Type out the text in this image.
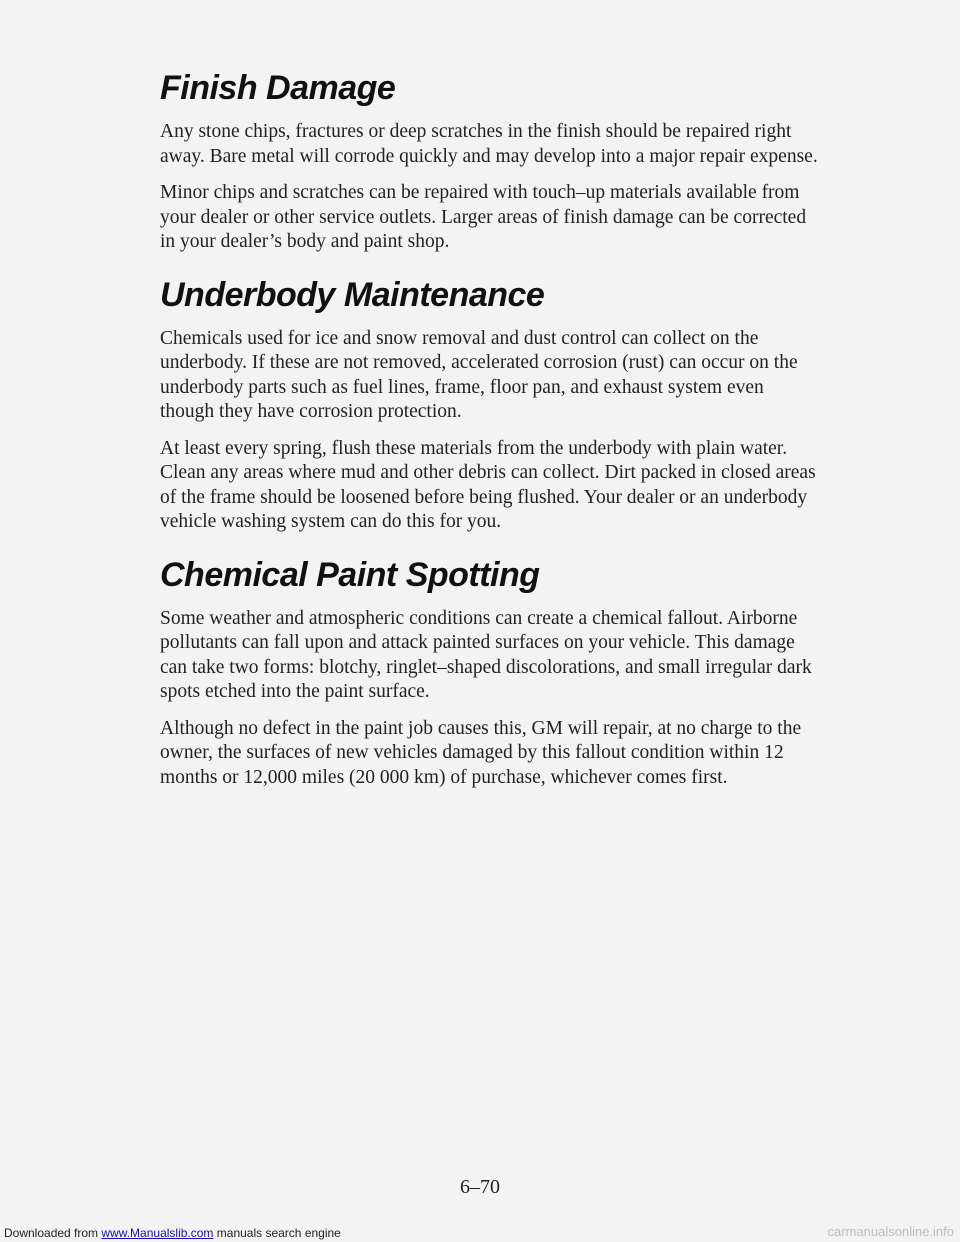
Finish Damage

Any stone chips, fractures or deep scratches in the finish should be repaired right away. Bare metal will corrode quickly and may develop into a major repair expense.

Minor chips and scratches can be repaired with touch–up materials available from your dealer or other service outlets. Larger areas of finish damage can be corrected in your dealer’s body and paint shop.

Underbody Maintenance

Chemicals used for ice and snow removal and dust control can collect on the underbody. If these are not removed, accelerated corrosion (rust) can occur on the underbody parts such as fuel lines, frame, floor pan, and exhaust system even though they have corrosion protection.

At least every spring, flush these materials from the underbody with plain water. Clean any areas where mud and other debris can collect. Dirt packed in closed areas of the frame should be loosened before being flushed. Your dealer or an underbody vehicle washing system can do this for you.

Chemical Paint Spotting

Some weather and atmospheric conditions can create a chemical fallout. Airborne pollutants can fall upon and attack painted surfaces on your vehicle. This damage can take two forms: blotchy, ringlet–shaped discolorations, and small irregular dark spots etched into the paint surface.

Although no defect in the paint job causes this, GM will repair, at no charge to the owner, the surfaces of new vehicles damaged by this fallout condition within 12 months or 12,000 miles (20 000 km) of purchase, whichever comes first.

6–70
Downloaded from www.Manualslib.com manuals search engine	carmanualsonline.info
